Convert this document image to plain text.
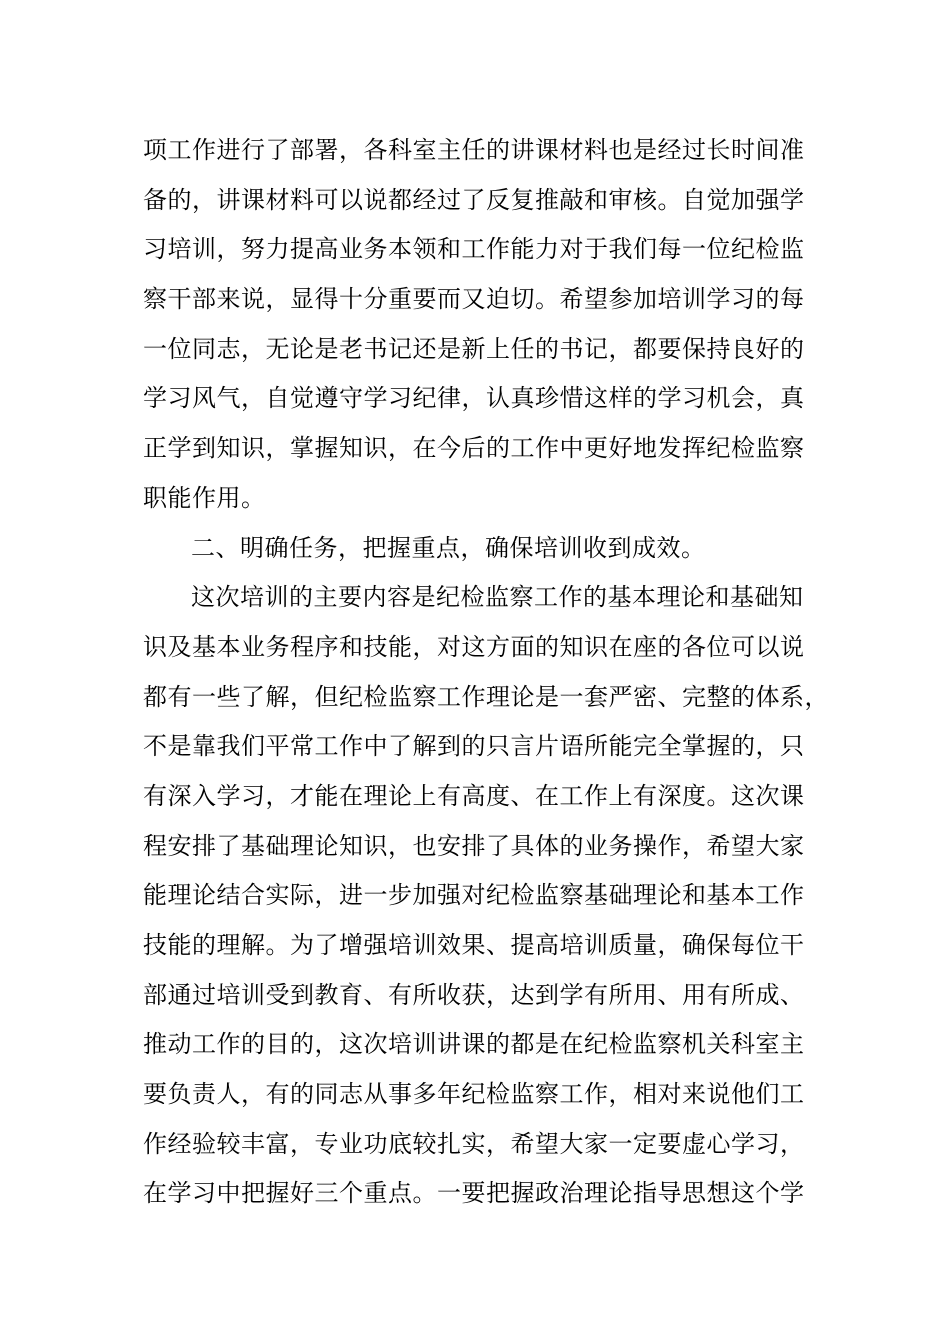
项工作进行了部署，各科室主任的讲课材料也是经过长时间准
备的，讲课材料可以说都经过了反复推敲和审核。自觉加强学
习培训，努力提高业务本领和工作能力对于我们每一位纪检监
察干部来说，显得十分重要而又迫切。希望参加培训学习的每
一位同志，无论是老书记还是新上任的书记，都要保持良好的
学习风气，自觉遵守学习纪律，认真珍惜这样的学习机会，真
正学到知识，掌握知识，在今后的工作中更好地发挥纪检监察
职能作用。
二、明确任务，把握重点，确保培训收到成效。
这次培训的主要内容是纪检监察工作的基本理论和基础知
识及基本业务程序和技能，对这方面的知识在座的各位可以说
都有一些了解，但纪检监察工作理论是一套严密、完整的体系，
不是靠我们平常工作中了解到的只言片语所能完全掌握的，只
有深入学习，才能在理论上有高度、在工作上有深度。这次课
程安排了基础理论知识，也安排了具体的业务操作，希望大家
能理论结合实际，进一步加强对纪检监察基础理论和基本工作
技能的理解。为了增强培训效果、提高培训质量，确保每位干
部通过培训受到教育、有所收获，达到学有所用、用有所成、
推动工作的目的，这次培训讲课的都是在纪检监察机关科室主
要负责人，有的同志从事多年纪检监察工作，相对来说他们工
作经验较丰富，专业功底较扎实，希望大家一定要虚心学习，
在学习中把握好三个重点。一要把握政治理论指导思想这个学
